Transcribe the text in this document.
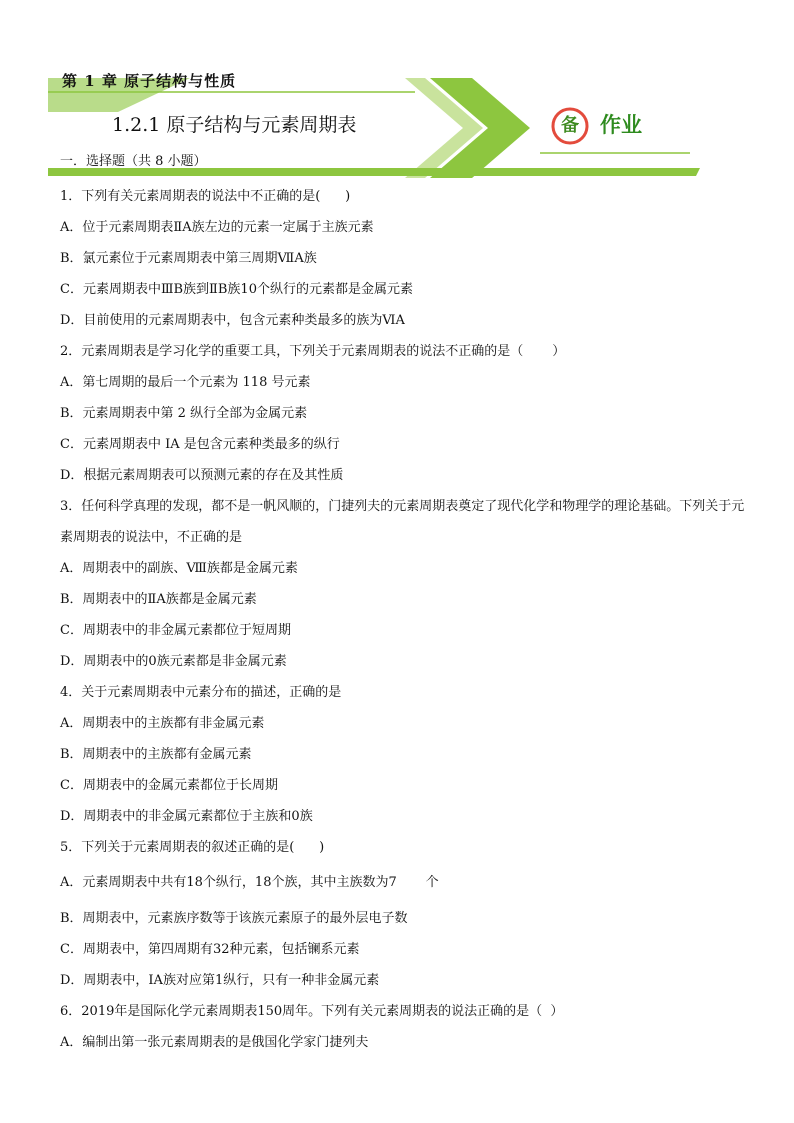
第 1 章 原子结构与性质
1.2.1 原子结构与元素周期表	备	作业
一．选择题（共 8 小题）
1．下列有关元素周期表的说法中不正确的是(      )
A．位于元素周期表ⅡA族左边的元素一定属于主族元素
B．氯元素位于元素周期表中第三周期ⅦA族
C．元素周期表中ⅢB族到ⅡB族10个纵行的元素都是金属元素
D．目前使用的元素周期表中，包含元素种类最多的族为ⅥA
2．元素周期表是学习化学的重要工具，下列关于元素周期表的说法不正确的是（       ）
A．第七周期的最后一个元素为 118 号元素
B．元素周期表中第 2 纵行全部为金属元素
C．元素周期表中 IA 是包含元素种类最多的纵行
D．根据元素周期表可以预测元素的存在及其性质
3．任何科学真理的发现，都不是一帆风顺的，门捷列夫的元素周期表奠定了现代化学和物理学的理论基础。下列关于元素周期表的说法中，不正确的是
A．周期表中的副族、Ⅷ族都是金属元素
B．周期表中的ⅡA族都是金属元素
C．周期表中的非金属元素都位于短周期
D．周期表中的0族元素都是非金属元素
4．关于元素周期表中元素分布的描述，正确的是
A．周期表中的主族都有非金属元素
B．周期表中的主族都有金属元素
C．周期表中的金属元素都位于长周期
D．周期表中的非金属元素都位于主族和0族
5．下列关于元素周期表的叙述正确的是(      )
A．元素周期表中共有18个纵行，18个族，其中主族数为7       个
B．周期表中，元素族序数等于该族元素原子的最外层电子数
C．周期表中，第四周期有32种元素，包括镧系元素
D．周期表中，ⅠA族对应第1纵行，只有一种非金属元素
6．2019年是国际化学元素周期表150周年。下列有关元素周期表的说法正确的是（  ）
A．编制出第一张元素周期表的是俄国化学家门捷列夫
